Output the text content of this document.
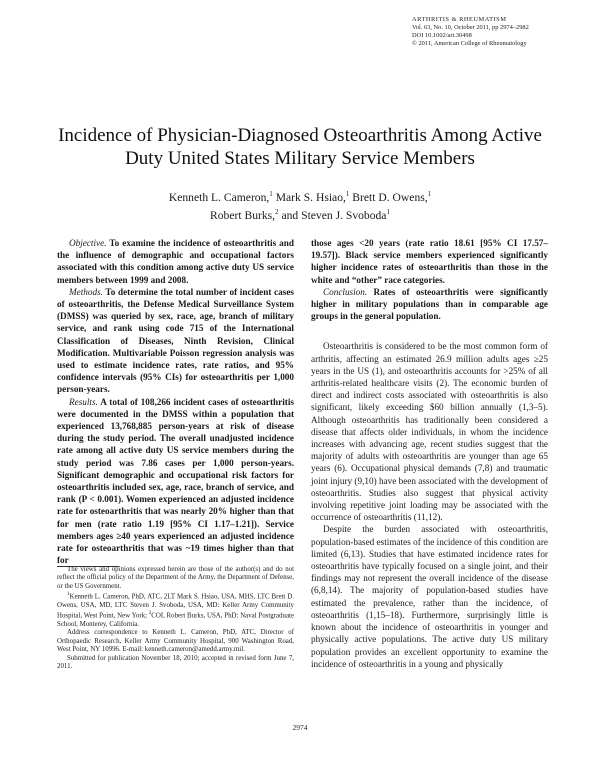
ARTHRITIS & RHEUMATISM
Vol. 63, No. 10, October 2011, pp 2974–2982
DOI 10.1002/art.30498
© 2011, American College of Rheumatology
Incidence of Physician-Diagnosed Osteoarthritis Among Active Duty United States Military Service Members
Kenneth L. Cameron,$^1$ Mark S. Hsiao,$^1$ Brett D. Owens,$^1$
Robert Burks,$^2$ and Steven J. Svoboda$^1$

Objective. To examine the incidence of osteoarthritis and the influence of demographic and occupational factors associated with this condition among active duty US service members between 1999 and 2008.

Methods. To determine the total number of incident cases of osteoarthritis, the Defense Medical Surveillance System (DMSS) was queried by sex, race, age, branch of military service, and rank using code 715 of the International Classification of Diseases, Ninth Revision, Clinical Modification. Multivariable Poisson regression analysis was used to estimate incidence rates, rate ratios, and 95% confidence intervals (95% CIs) for osteoarthritis per 1,000 person-years.

Results. A total of 108,266 incident cases of osteoarthritis were documented in the DMSS within a population that experienced 13,768,885 person-years at risk of disease during the study period. The overall unadjusted incidence rate among all active duty US service members during the study period was 7.86 cases per 1,000 person-years. Significant demographic and occupational risk factors for osteoarthritis included sex, age, race, branch of service, and rank (P < 0.001). Women experienced an adjusted incidence rate for osteoarthritis that was nearly 20% higher than that for men (rate ratio 1.19 [95% CI 1.17–1.21]). Service members ages ≥40 years experienced an adjusted incidence rate for osteoarthritis that was ~19 times higher than that for

those ages <20 years (rate ratio 18.61 [95% CI 17.57–19.57]). Black service members experienced significantly higher incidence rates of osteoarthritis than those in the white and “other” race categories.

Conclusion. Rates of osteoarthritis were significantly higher in military populations than in comparable age groups in the general population.

Osteoarthritis is considered to be the most common form of arthritis, affecting an estimated 26.9 million adults ages ≥25 years in the US (1), and osteoarthritis accounts for >25% of all arthritis-related healthcare visits (2). The economic burden of direct and indirect costs associated with osteoarthritis is also significant, likely exceeding $60 billion annually (1,3–5). Although osteoarthritis has traditionally been considered a disease that affects older individuals, in whom the incidence increases with advancing age, recent studies suggest that the majority of adults with osteoarthritis are younger than age 65 years (6). Occupational physical demands (7,8) and traumatic joint injury (9,10) have been associated with the development of osteoarthritis. Studies also suggest that physical activity involving repetitive joint loading may be associated with the occurrence of osteoarthritis (11,12).

Despite the burden associated with osteoarthritis, population-based estimates of the incidence of this condition are limited (6,13). Studies that have estimated incidence rates for osteoarthritis have typically focused on a single joint, and their findings may not represent the overall incidence of the disease (6,8,14). The majority of population-based studies have estimated the prevalence, rather than the incidence, of osteoarthritis (1,15–18). Furthermore, surprisingly little is known about the incidence of osteoarthritis in younger and physically active populations. The active duty US military population provides an excellent opportunity to examine the incidence of osteoarthritis in a young and physically

The views and opinions expressed herein are those of the author(s) and do not reflect the official policy of the Department of the Army, the Department of Defense, or the US Government.

$^1$Kenneth L. Cameron, PhD, ATC, 2LT Mark S. Hsiao, USA, MHS, LTC Brett D. Owens, USA, MD, LTC Steven J. Svoboda, USA, MD: Keller Army Community Hospital, West Point, New York; $^2$COL Robert Burks, USA, PhD: Naval Postgraduate School, Monterey, California.

Address correspondence to Kenneth L. Cameron, PhD, ATC, Director of Orthopaedic Research, Keller Army Community Hospital, 900 Washington Road, West Point, NY 10996. E-mail: kenneth.cameron@amedd.army.mil.

Submitted for publication November 18, 2010; accepted in revised form June 7, 2011.

2974
